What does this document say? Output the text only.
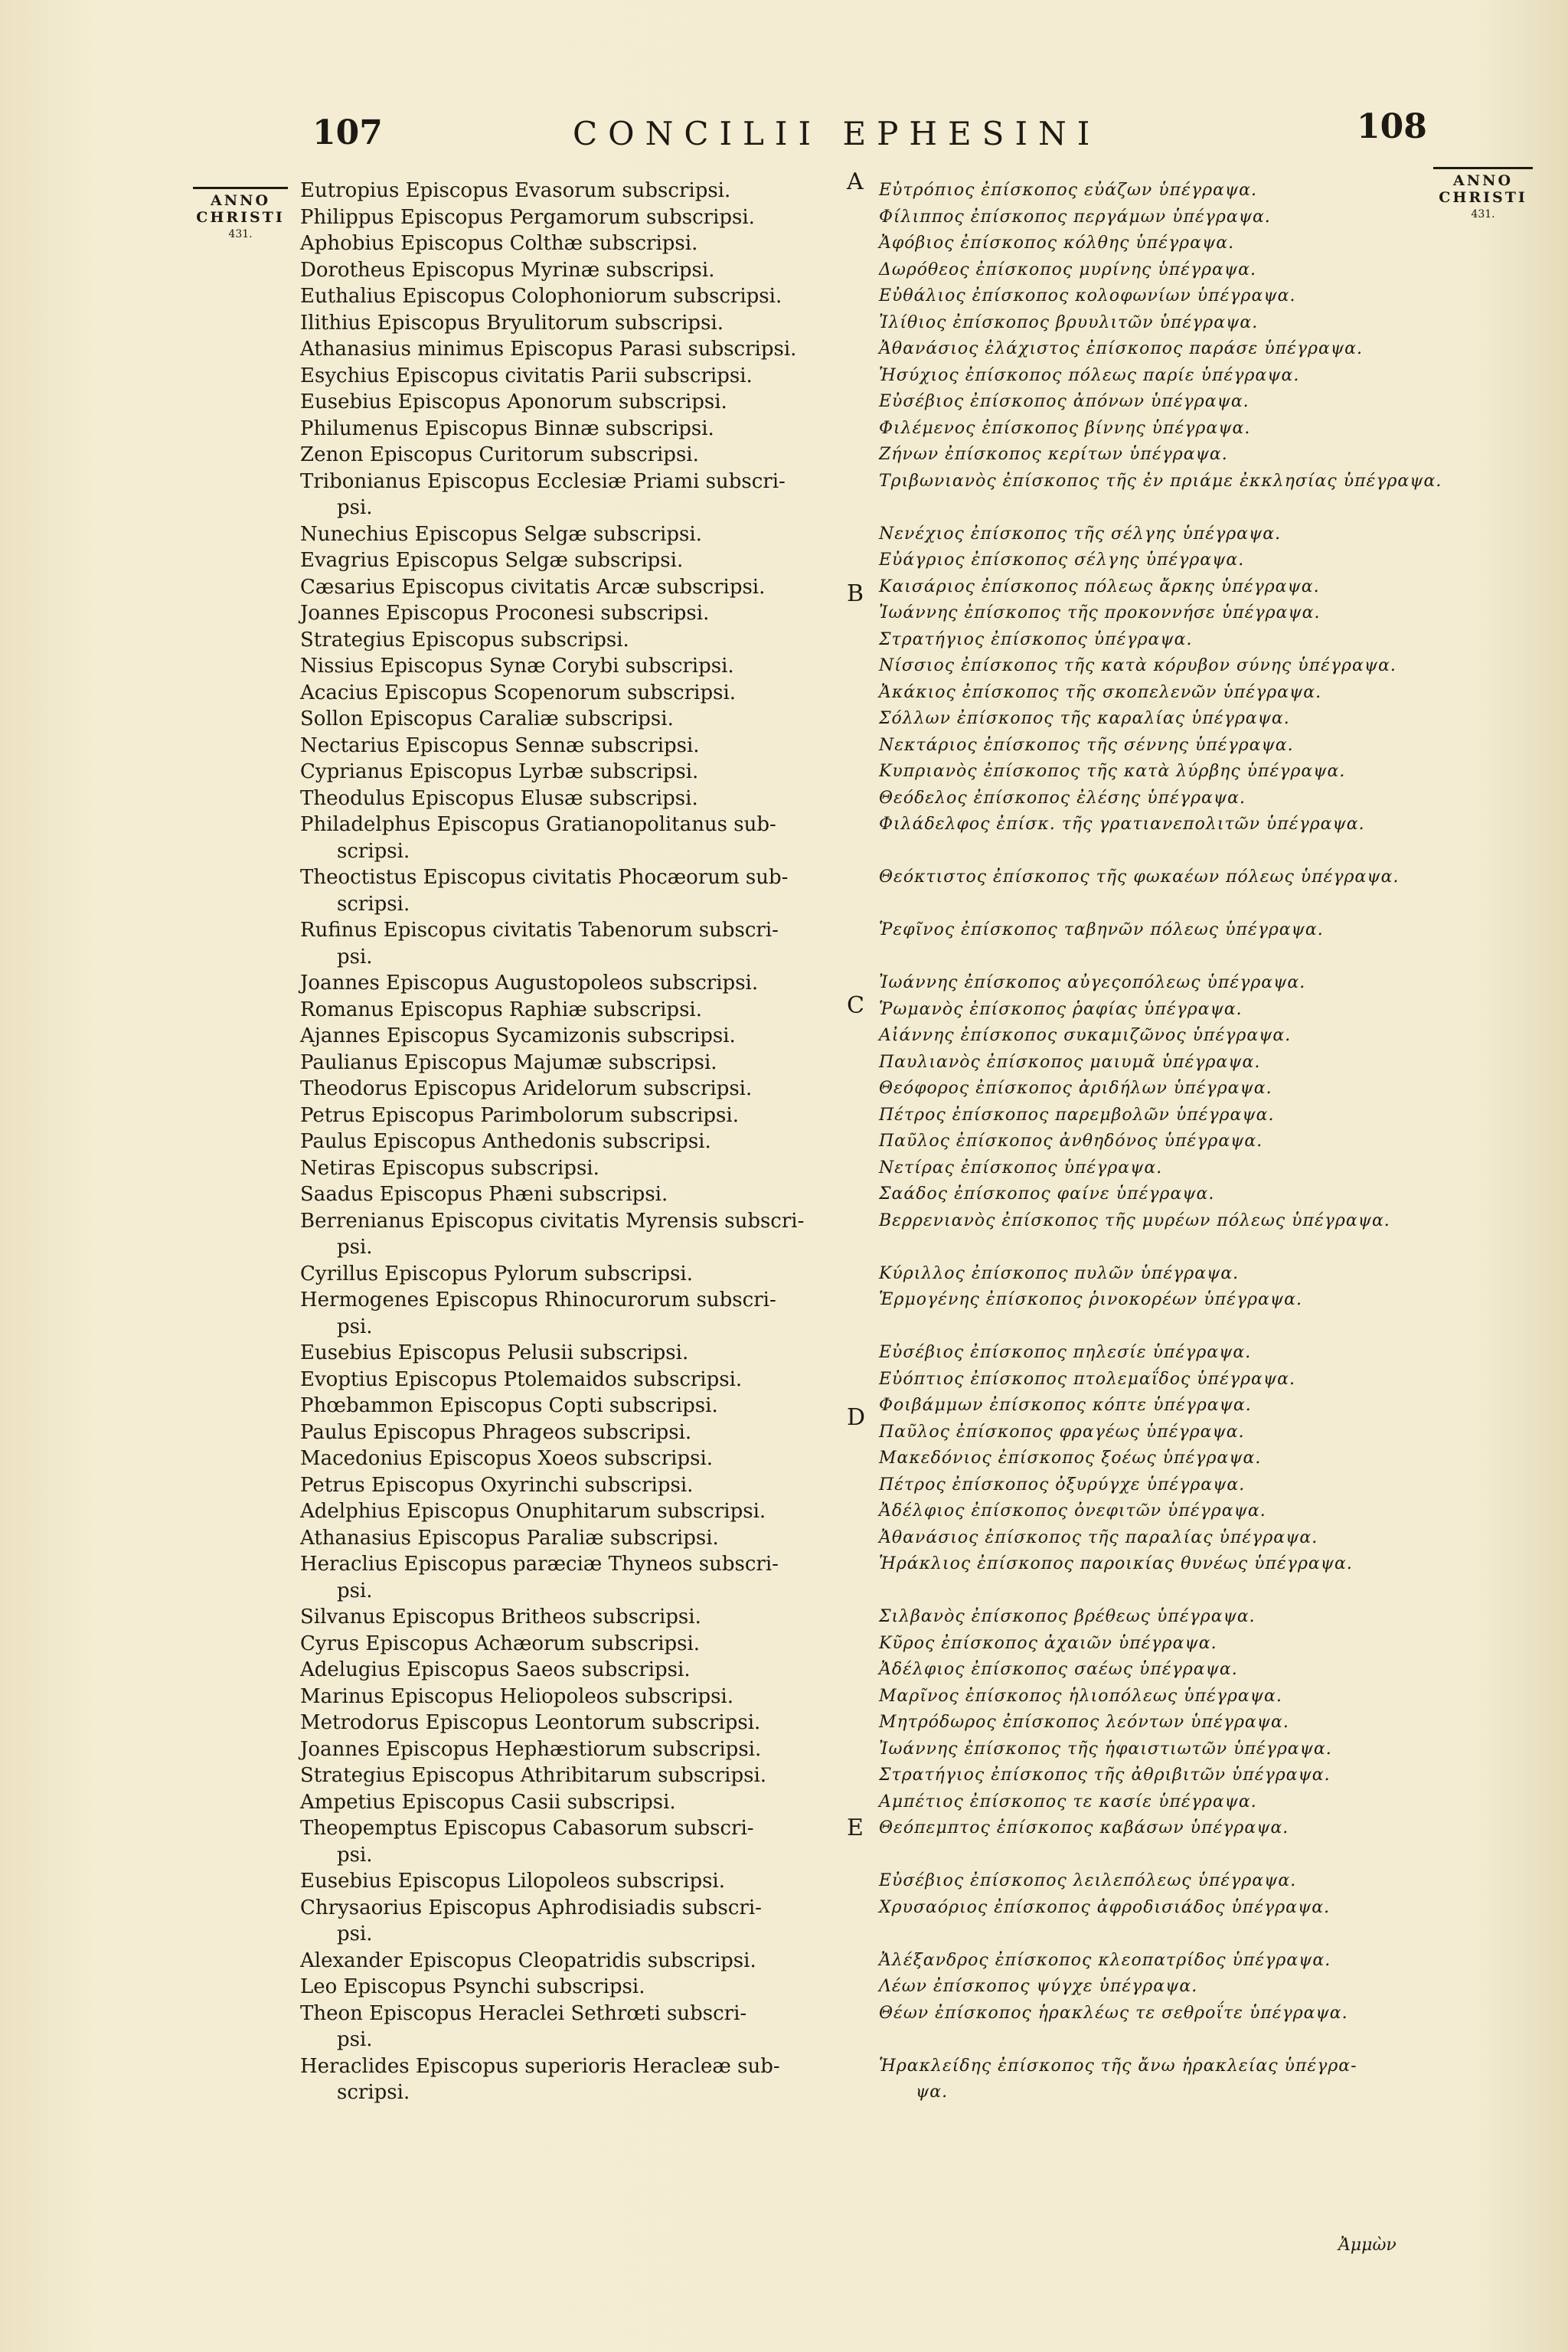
107	CONCILII EPHESINI	108
ANNO
CHRISTI
431.
ANNO
CHRISTI
431.
Eutropius Episcopus Evasorum subscripsi.
Philippus Episcopus Pergamorum subscripsi.
Aphobius Episcopus Colthæ subscripsi.
Dorotheus Episcopus Myrinæ subscripsi.
Euthalius Episcopus Colophoniorum subscripsi.
Ilithius Episcopus Bryulitorum subscripsi.
Athanasius minimus Episcopus Parasi subscripsi.
Esychius Episcopus civitatis Parii subscripsi.
Eusebius Episcopus Aponorum subscripsi.
Philumenus Episcopus Binnæ subscripsi.
Zenon Episcopus Curitorum subscripsi.
Tribonianus Episcopus Ecclesiæ Priami subscri-
psi.
Nunechius Episcopus Selgæ subscripsi.
Evagrius Episcopus Selgæ subscripsi.
Cæsarius Episcopus civitatis Arcæ subscripsi.
Joannes Episcopus Proconesi subscripsi.
Strategius Episcopus subscripsi.
Nissius Episcopus Synæ Corybi subscripsi.
Acacius Episcopus Scopenorum subscripsi.
Sollon Episcopus Caraliæ subscripsi.
Nectarius Episcopus Sennæ subscripsi.
Cyprianus Episcopus Lyrbæ subscripsi.
Theodulus Episcopus Elusæ subscripsi.
Philadelphus Episcopus Gratianopolitanus sub-
scripsi.
Theoctistus Episcopus civitatis Phocæorum sub-
scripsi.
Rufinus Episcopus civitatis Tabenorum subscri-
psi.
Joannes Episcopus Augustopoleos subscripsi.
Romanus Episcopus Raphiæ subscripsi.
Ajannes Episcopus Sycamizonis subscripsi.
Paulianus Episcopus Majumæ subscripsi.
Theodorus Episcopus Aridelorum subscripsi.
Petrus Episcopus Parimbolorum subscripsi.
Paulus Episcopus Anthedonis subscripsi.
Netiras Episcopus subscripsi.
Saadus Episcopus Phæni subscripsi.
Berrenianus Episcopus civitatis Myrensis subscri-
psi.
Cyrillus Episcopus Pylorum subscripsi.
Hermogenes Episcopus Rhinocurorum subscri-
psi.
Eusebius Episcopus Pelusii subscripsi.
Evoptius Episcopus Ptolemaidos subscripsi.
Phœbammon Episcopus Copti subscripsi.
Paulus Episcopus Phrageos subscripsi.
Macedonius Episcopus Xoeos subscripsi.
Petrus Episcopus Oxyrinchi subscripsi.
Adelphius Episcopus Onuphitarum subscripsi.
Athanasius Episcopus Paraliæ subscripsi.
Heraclius Episcopus paræciæ Thyneos subscri-
psi.
Silvanus Episcopus Britheos subscripsi.
Cyrus Episcopus Achæorum subscripsi.
Adelugius Episcopus Saeos subscripsi.
Marinus Episcopus Heliopoleos subscripsi.
Metrodorus Episcopus Leontorum subscripsi.
Joannes Episcopus Hephæstiorum subscripsi.
Strategius Episcopus Athribitarum subscripsi.
Ampetius Episcopus Casii subscripsi.
Theopemptus Episcopus Cabasorum subscri-
psi.
Eusebius Episcopus Lilopoleos subscripsi.
Chrysaorius Episcopus Aphrodisiadis subscri-
psi.
Alexander Episcopus Cleopatridis subscripsi.
Leo Episcopus Psynchi subscripsi.
Theon Episcopus Heraclei Sethrœti subscri-
psi.
Heraclides Episcopus superioris Heracleæ sub-
scripsi.
Εὐτρόπιος ἐπίσκοπος εὐάζων ὑπέγραψα.
Φίλιππος ἐπίσκοπος περγάμων ὑπέγραψα.
Ἀφόβιος ἐπίσκοπος κόλθης ὑπέγραψα.
Δωρόθεος ἐπίσκοπος μυρίνης ὑπέγραψα.
Εὐθάλιος ἐπίσκοπος κολοφωνίων ὑπέγραψα.
Ἰλίθιος ἐπίσκοπος βρυυλιτῶν ὑπέγραψα.
Ἀθανάσιος ἐλάχιστος ἐπίσκοπος παράσε ὑπέγραψα.
Ἡσύχιος ἐπίσκοπος πόλεως παρίε ὑπέγραψα.
Εὐσέβιος ἐπίσκοπος ἀπόνων ὑπέγραψα.
Φιλέμενος ἐπίσκοπος βίννης ὑπέγραψα.
Ζήνων ἐπίσκοπος κερίτων ὑπέγραψα.
Τριβωνιανὸς ἐπίσκοπος τῆς ἐν πριάμε ἐκκλησίας ὑπέγραψα.

Νενέχιος ἐπίσκοπος τῆς σέλγης ὑπέγραψα.
Εὐάγριος ἐπίσκοπος σέλγης ὑπέγραψα.
Καισάριος ἐπίσκοπος πόλεως ἄρκης ὑπέγραψα.
Ἰωάννης ἐπίσκοπος τῆς προκοννήσε ὑπέγραψα.
Στρατήγιος ἐπίσκοπος ὑπέγραψα.
Νίσσιος ἐπίσκοπος τῆς κατὰ κόρυβον σύνης ὑπέγραψα.
Ἀκάκιος ἐπίσκοπος τῆς σκοπελενῶν ὑπέγραψα.
Σόλλων ἐπίσκοπος τῆς καραλίας ὑπέγραψα.
Νεκτάριος ἐπίσκοπος τῆς σέννης ὑπέγραψα.
Κυπριανὸς ἐπίσκοπος τῆς κατὰ λύρβης ὑπέγραψα.
Θεόδελος ἐπίσκοπος ἐλέσης ὑπέγραψα.
Φιλάδελφος ἐπίσκ. τῆς γρατιανεπολιτῶν ὑπέγραψα.

Θεόκτιστος ἐπίσκοπος τῆς φωκαέων πόλεως ὑπέγραψα.

Ῥεφῖνος ἐπίσκοπος ταβηνῶν πόλεως ὑπέγραψα.

Ἰωάννης ἐπίσκοπος αὐγεςοπόλεως ὑπέγραψα.
Ῥωμανὸς ἐπίσκοπος ῥαφίας ὑπέγραψα.
Αἰάννης ἐπίσκοπος συκαμιζῶνος ὑπέγραψα.
Παυλιανὸς ἐπίσκοπος μαιυμᾶ ὑπέγραψα.
Θεόφορος ἐπίσκοπος ἀριδήλων ὑπέγραψα.
Πέτρος ἐπίσκοπος παρεμβολῶν ὑπέγραψα.
Παῦλος ἐπίσκοπος ἀνθηδόνος ὑπέγραψα.
Νετίρας ἐπίσκοπος ὑπέγραψα.
Σαάδος ἐπίσκοπος φαίνε ὑπέγραψα.
Βερρενιανὸς ἐπίσκοπος τῆς μυρέων πόλεως ὑπέγραψα.

Κύριλλος ἐπίσκοπος πυλῶν ὑπέγραψα.
Ἑρμογένης ἐπίσκοπος ῥινοκορέων ὑπέγραψα.

Εὐσέβιος ἐπίσκοπος πηλεσίε ὑπέγραψα.
Εὐόπτιος ἐπίσκοπος πτολεμαΐδος ὑπέγραψα.
Φοιβάμμων ἐπίσκοπος κόπτε ὑπέγραψα.
Παῦλος ἐπίσκοπος φραγέως ὑπέγραψα.
Μακεδόνιος ἐπίσκοπος ξοέως ὑπέγραψα.
Πέτρος ἐπίσκοπος ὀξυρύγχε ὑπέγραψα.
Ἀδέλφιος ἐπίσκοπος ὀνεφιτῶν ὑπέγραψα.
Ἀθανάσιος ἐπίσκοπος τῆς παραλίας ὑπέγραψα.
Ἡράκλιος ἐπίσκοπος παροικίας θυνέως ὑπέγραψα.

Σιλβανὸς ἐπίσκοπος βρέθεως ὑπέγραψα.
Κῦρος ἐπίσκοπος ἀχαιῶν ὑπέγραψα.
Ἀδέλφιος ἐπίσκοπος σαέως ὑπέγραψα.
Μαρῖνος ἐπίσκοπος ἡλιοπόλεως ὑπέγραψα.
Μητρόδωρος ἐπίσκοπος λεόντων ὑπέγραψα.
Ἰωάννης ἐπίσκοπος τῆς ἡφαιστιωτῶν ὑπέγραψα.
Στρατήγιος ἐπίσκοπος τῆς ἀθριβιτῶν ὑπέγραψα.
Αμπέτιος ἐπίσκοπος τε κασίε ὑπέγραψα.
Θεόπεμπτος ἐπίσκοπος καβάσων ὑπέγραψα.

Εὐσέβιος ἐπίσκοπος λειλεπόλεως ὑπέγραψα.
Χρυσαόριος ἐπίσκοπος ἀφροδισιάδος ὑπέγραψα.

Ἀλέξανδρος ἐπίσκοπος κλεοπατρίδος ὑπέγραψα.
Λέων ἐπίσκοπος ψύγχε ὑπέγραψα.
Θέων ἐπίσκοπος ἡρακλέως τε σεθροΐτε ὑπέγραψα.

Ἡρακλείδης ἐπίσκοπος τῆς ἄνω ἡρακλείας ὑπέγρα-
ψα.
A
B
C
D
E
Ἀμμὼν
